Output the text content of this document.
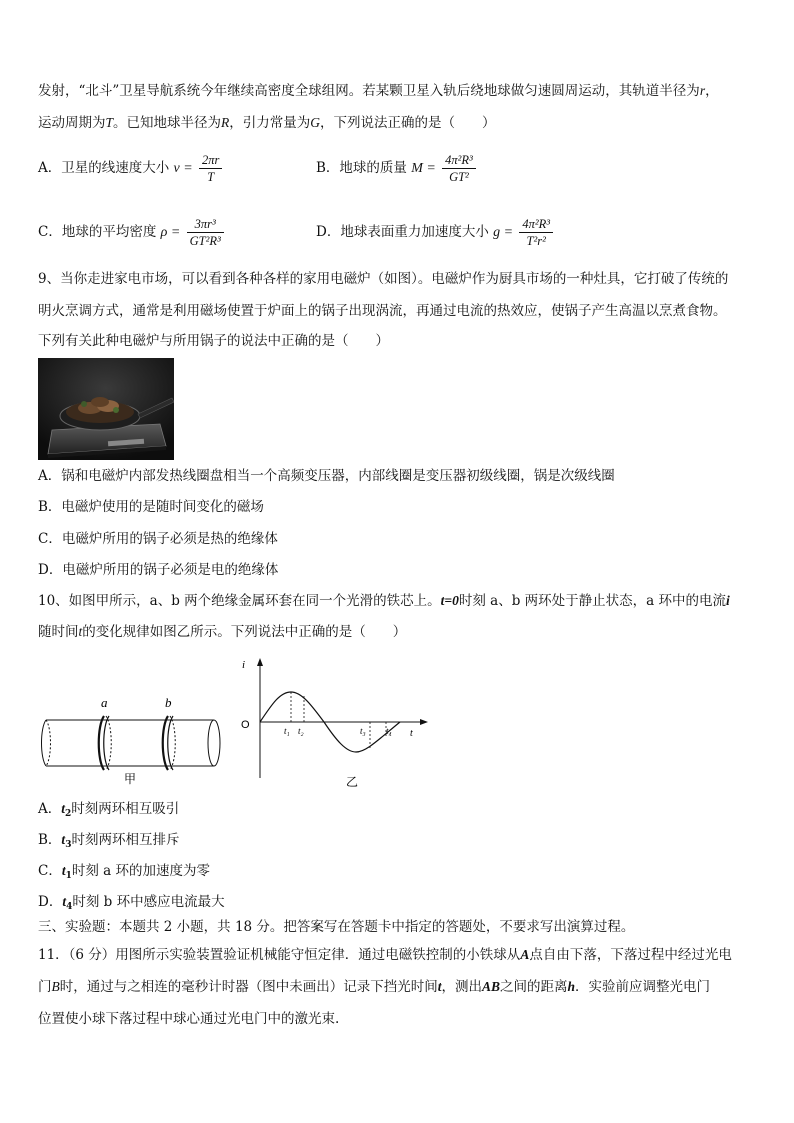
发射，“北斗”卫星导航系统今年继续高密度全球组网。若某颗卫星入轨后绕地球做匀速圆周运动，其轨道半径为r，
运动周期为T。已知地球半径为R，引力常量为G，下列说法正确的是（　　）
A．卫星的线速度大小 $v = \frac{2\pi r}{T}$	B．地球的质量 $M = \frac{\text{4π²R³}}{\text{GT²}}$
C．地球的平均密度 $\rho = \frac{\text{3πr³}}{\text{GT²R³}}$	D．地球表面重力加速度大小 $g = \frac{\text{4π²R³}}{\text{T²r²}}$
9、当你走进家电市场，可以看到各种各样的家用电磁炉（如图）。电磁炉作为厨具市场的一种灶具，它打破了传统的
明火烹调方式，通常是利用磁场使置于炉面上的锅子出现涡流，再通过电流的热效应，使锅子产生高温以烹煮食物。
下列有关此种电磁炉与所用锅子的说法中正确的是（　　）
A．锅和电磁炉内部发热线圈盘相当一个高频变压器，内部线圈是变压器初级线圈，锅是次级线圈
B．电磁炉使用的是随时间变化的磁场
C．电磁炉所用的锅子必须是热的绝缘体
D．电磁炉所用的锅子必须是电的绝缘体
10、如图甲所示，a、b 两个绝缘金属环套在同一个光滑的铁芯上。t=0时刻 a、b 两环处于静止状态，a 环中的电流i
随时间t的变化规律如图乙所示。下列说法中正确的是（　　）
a	b
甲
i
O
t
t₁ t₂	t₃ t₄
乙
A．$t_2$时刻两环相互吸引
B．$t_3$时刻两环相互排斥
C．$t_1$时刻 a 环的加速度为零
D．$t_4$时刻 b 环中感应电流最大
三、实验题：本题共 2 小题，共 18 分。把答案写在答题卡中指定的答题处，不要求写出演算过程。
11．（6 分）用图所示实验装置验证机械能守恒定律．通过电磁铁控制的小铁球从A点自由下落，下落过程中经过光电
门B时，通过与之相连的毫秒计时器（图中未画出）记录下挡光时间t，测出AB之间的距离h．实验前应调整光电门
位置使小球下落过程中球心通过光电门中的激光束.
